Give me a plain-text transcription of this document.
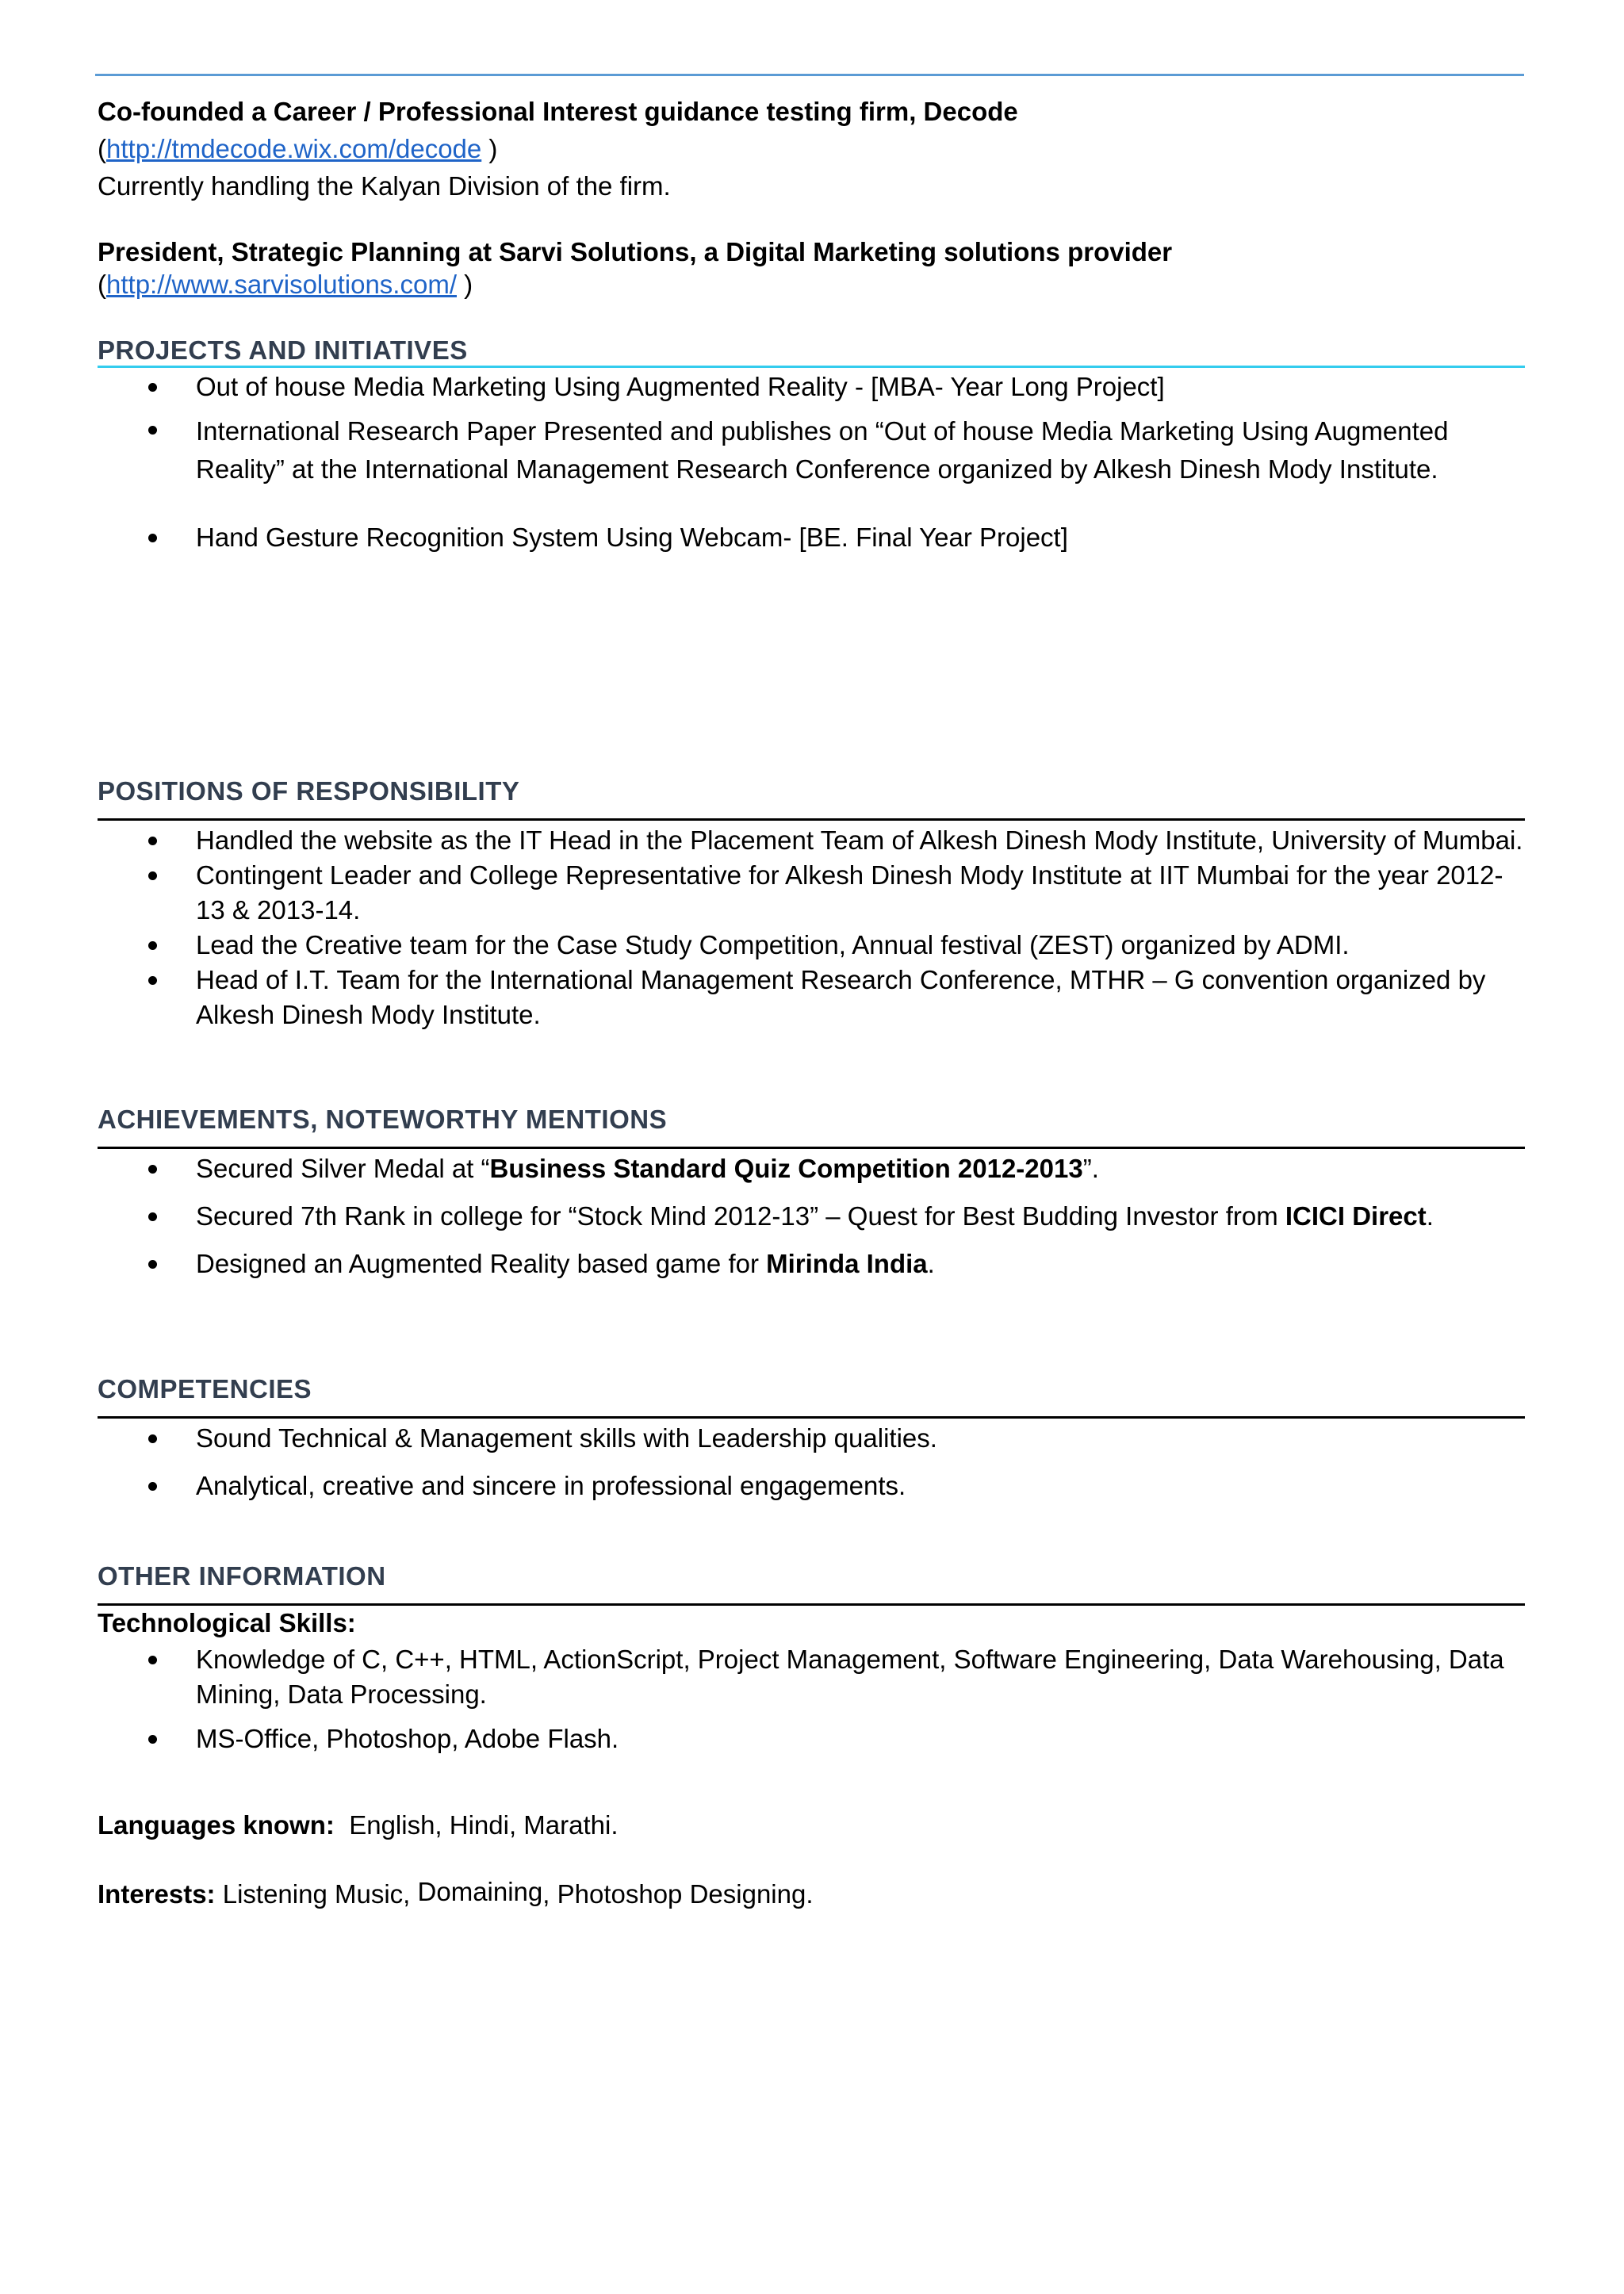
Co-founded a Career / Professional Interest guidance testing firm, Decode
(http://tmdecode.wix.com/decode )
Currently handling the Kalyan Division of the firm.
President, Strategic Planning at Sarvi Solutions, a Digital Marketing solutions provider
(http://www.sarvisolutions.com/ )
PROJECTS AND INITIATIVES
Out of house Media Marketing Using Augmented Reality - [MBA- Year Long Project]
International Research Paper Presented and publishes on “Out of house Media Marketing Using Augmented Reality” at the International Management Research Conference organized by Alkesh Dinesh Mody Institute.
Hand Gesture Recognition System Using Webcam- [BE. Final Year Project]
POSITIONS OF RESPONSIBILITY
Handled the website as the IT Head in the Placement Team of Alkesh Dinesh Mody Institute, University of Mumbai.
Contingent Leader and College Representative for Alkesh Dinesh Mody Institute at IIT Mumbai for the year 2012-13 & 2013-14.
Lead the Creative team for the Case Study Competition, Annual festival (ZEST) organized by ADMI.
Head of I.T. Team for the International Management Research Conference, MTHR – G convention organized by Alkesh Dinesh Mody Institute.
ACHIEVEMENTS, NOTEWORTHY MENTIONS
Secured Silver Medal at “Business Standard Quiz Competition 2012-2013”.
Secured 7th Rank in college for “Stock Mind 2012-13” – Quest for Best Budding Investor from ICICI Direct.
Designed an Augmented Reality based game for Mirinda India.
COMPETENCIES
Sound Technical & Management skills with Leadership qualities.
Analytical, creative and sincere in professional engagements.
OTHER INFORMATION
Technological Skills:
Knowledge of C, C++, HTML, ActionScript, Project Management, Software Engineering, Data Warehousing, Data Mining, Data Processing.
MS-Office, Photoshop, Adobe Flash.
Languages known: English, Hindi, Marathi.
Interests: Listening Music, Domaining, Photoshop Designing.
